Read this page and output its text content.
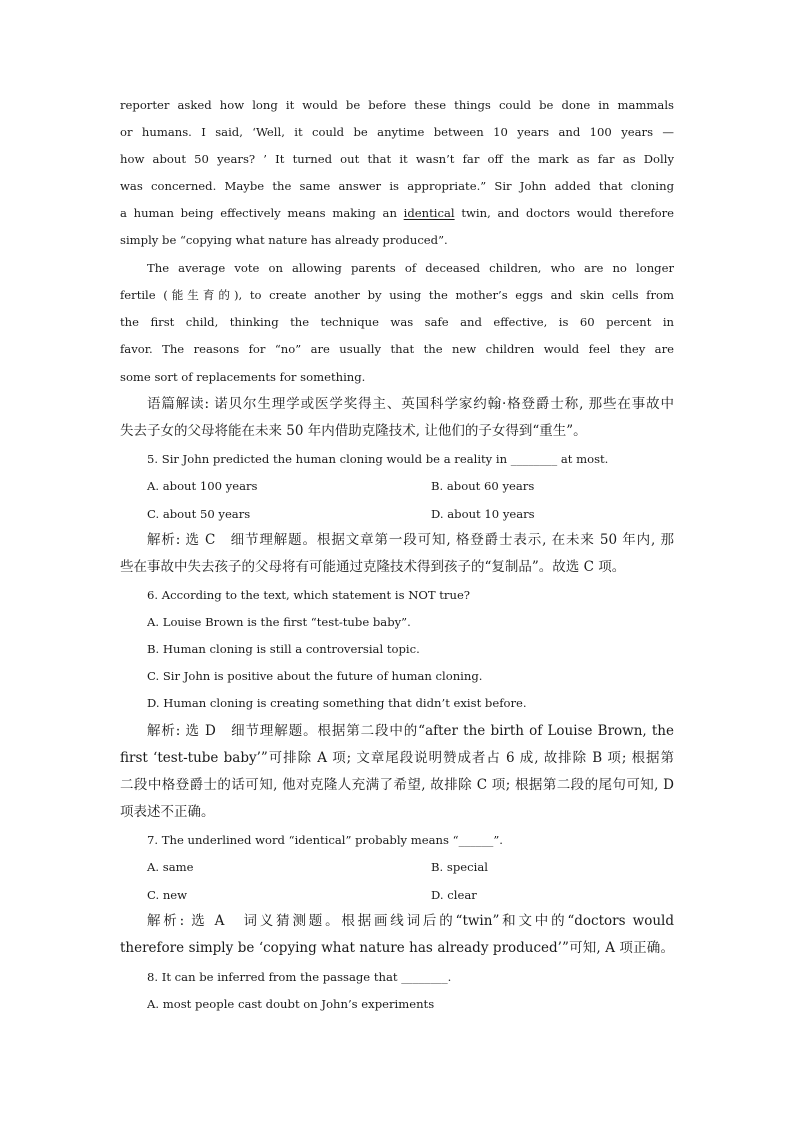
reporter asked how long it would be before these things could be done in mammals
or humans. I said, ‘Well, it could be anytime between 10 years and 100 years —
how about 50 years? ’ It turned out that it wasn’t far off the mark as far as Dolly
was concerned. Maybe the same answer is appropriate.” Sir John added that cloning
a human being effectively means making an identical twin, and doctors would therefore
simply be “copying what nature has already produced”.
The average vote on allowing parents of deceased children, who are no longer
fertile (能生育的), to create another by using the mother’s eggs and skin cells from
the first child, thinking the technique was safe and effective, is 60 percent in
favor. The reasons for “no” are usually that the new children would feel they are
some sort of replacements for something.
语篇解读: 诺贝尔生理学或医学奖得主、英国科学家约翰·格登爵士称, 那些在事故中
失去子女的父母将能在未来 50 年内借助克隆技术, 让他们的子女得到“重生”。
5. Sir John predicted the human cloning would be a reality in ________ at most.
A. about 100 years	B. about 60 years
C. about 50 years	D. about 10 years
解析: 选 C　细节理解题。根据文章第一段可知, 格登爵士表示, 在未来 50 年内, 那
些在事故中失去孩子的父母将有可能通过克隆技术得到孩子的“复制品”。故选 C 项。
6. According to the text, which statement is NOT true?
A. Louise Brown is the first “test-tube baby”.
B. Human cloning is still a controversial topic.
C. Sir John is positive about the future of human cloning.
D. Human cloning is creating something that didn’t exist before.
解析: 选 D　细节理解题。根据第二段中的“after the birth of Louise Brown, the
first ‘test-tube baby’”可排除 A 项; 文章尾段说明赞成者占 6 成, 故排除 B 项; 根据第
二段中格登爵士的话可知, 他对克隆人充满了希望, 故排除 C 项; 根据第二段的尾句可知, D
项表述不正确。
7. The underlined word “identical” probably means “______”.
A. same	B. special
C. new	D. clear
解析: 选 A　词义猜测题。根据画线词后的“twin”和文中的“doctors would
therefore simply be ‘copying what nature has already produced’”可知, A 项正确。
8. It can be inferred from the passage that ________.
A. most people cast doubt on John’s experiments
